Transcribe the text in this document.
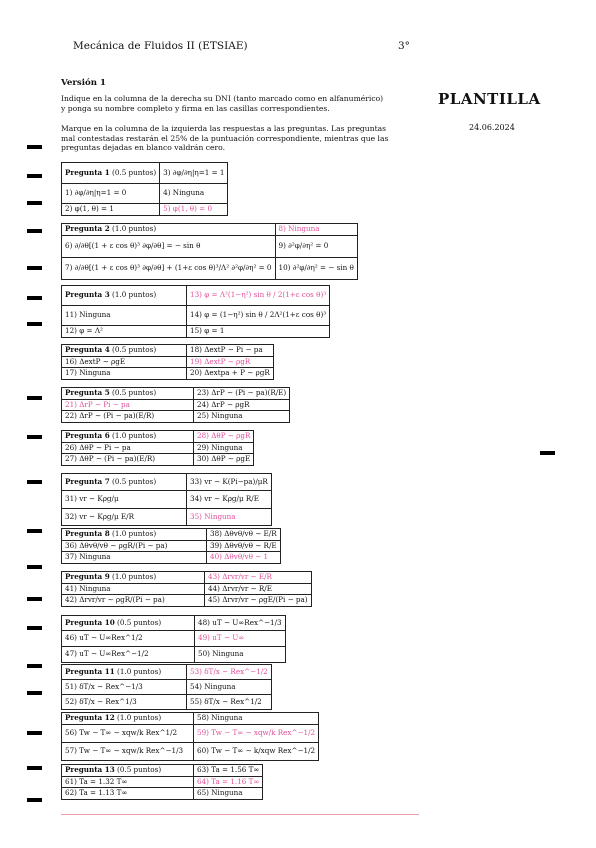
Mecánica de Fluidos II (ETSIAE)	3°
Versión 1
Indique en la columna de la derecha su DNI (tanto marcado como en alfanumérico)
y ponga su nombre completo y firma en las casillas correspondientes.
Marque en la columna de la izquierda las respuestas a las preguntas. Las preguntas
mal contestadas restarán el 25% de la puntuación correspondiente, mientras que las
preguntas dejadas en blanco valdrán cero.
PLANTILLA
24.06.2024
Pregunta 1 (0.5 puntos)	3) ∂φ/∂η|η=1 = 1
1) ∂φ/∂η|η=1 = 0	4) Ninguna
2) φ(1, θ) = 1	5) φ(1, θ) = 0
Pregunta 2 (1.0 puntos)	8) Ninguna
6) ∂/∂θ[(1 + ε cos θ)³ ∂φ/∂θ] = − sin θ	9) ∂²φ/∂η² = 0
7) ∂/∂θ[(1 + ε cos θ)³ ∂φ/∂θ] + (1+ε cos θ)³/Λ² ∂²φ/∂η² = 0	10) ∂²φ/∂η² = − sin θ
Pregunta 3 (1.0 puntos)	13) φ = Λ²(1−η²) sin θ / 2(1+ε cos θ)³
11) Ninguna	14) φ = (1−η²) sin θ / 2Λ²(1+ε cos θ)³
12) φ = Λ²	15) φ = 1
Pregunta 4 (0.5 puntos)	18) ΔextP ∼ Pi − pa
16) ΔextP ∼ ρgE	19) ΔextP ∼ ρgR
17) Ninguna	20) Δextpa + P ∼ ρgR
Pregunta 5 (0.5 puntos)	23) ΔrP ∼ (Pi − pa)(R/E)
21) ΔrP ∼ Pi − pa	24) ΔrP ∼ ρgR
22) ΔrP ∼ (Pi − pa)(E/R)	25) Ninguna
Pregunta 6 (1.0 puntos)	28) ΔθP ∼ ρgR
26) ΔθP ∼ Pi − pa	29) Ninguna
27) ΔθP ∼ (Pi − pa)(E/R)	30) ΔθP ∼ ρgE
Pregunta 7 (0.5 puntos)	33) vr ∼ K(Pi−pa)/μR
31) vr ∼ Kρg/μ	34) vr ∼ Kρg/μ R/E
32) vr ∼ Kρg/μ E/R	35) Ninguna
Pregunta 8 (1.0 puntos)	38) Δθvθ/vθ ∼ E/R
36) Δθvθ/vθ ∼ ρgR/(Pi − pa)	39) Δθvθ/vθ ∼ R/E
37) Ninguna	40) Δθvθ/vθ ∼ 1
Pregunta 9 (1.0 puntos)	43) Δrvr/vr ∼ E/R
41) Ninguna	44) Δrvr/vr ∼ R/E
42) Δrvr/vr ∼ ρgR/(Pi − pa)	45) Δrvr/vr ∼ ρgE/(Pi − pa)
Pregunta 10 (0.5 puntos)	48) uT ∼ U∞Rex^−1/3
46) uT ∼ U∞Rex^1/2	49) uT ∼ U∞
47) uT ∼ U∞Rex^−1/2	50) Ninguna
Pregunta 11 (1.0 puntos)	53) δT/x ∼ Rex^−1/2
51) δT/x ∼ Rex^−1/3	54) Ninguna
52) δT/x ∼ Rex^1/3	55) δT/x ∼ Rex^1/2
Pregunta 12 (1.0 puntos)	58) Ninguna
56) Tw − T∞ ∼ xqw/k Rex^1/2	59) Tw − T∞ ∼ xqw/k Rex^−1/2
57) Tw − T∞ ∼ xqw/k Rex^−1/3	60) Tw − T∞ ∼ k/xqw Rex^−1/2
Pregunta 13 (0.5 puntos)	63) Ta = 1.56 T∞
61) Ta = 1.32 T∞	64) Ta = 1.16 T∞
62) Ta = 1.13 T∞	65) Ninguna
